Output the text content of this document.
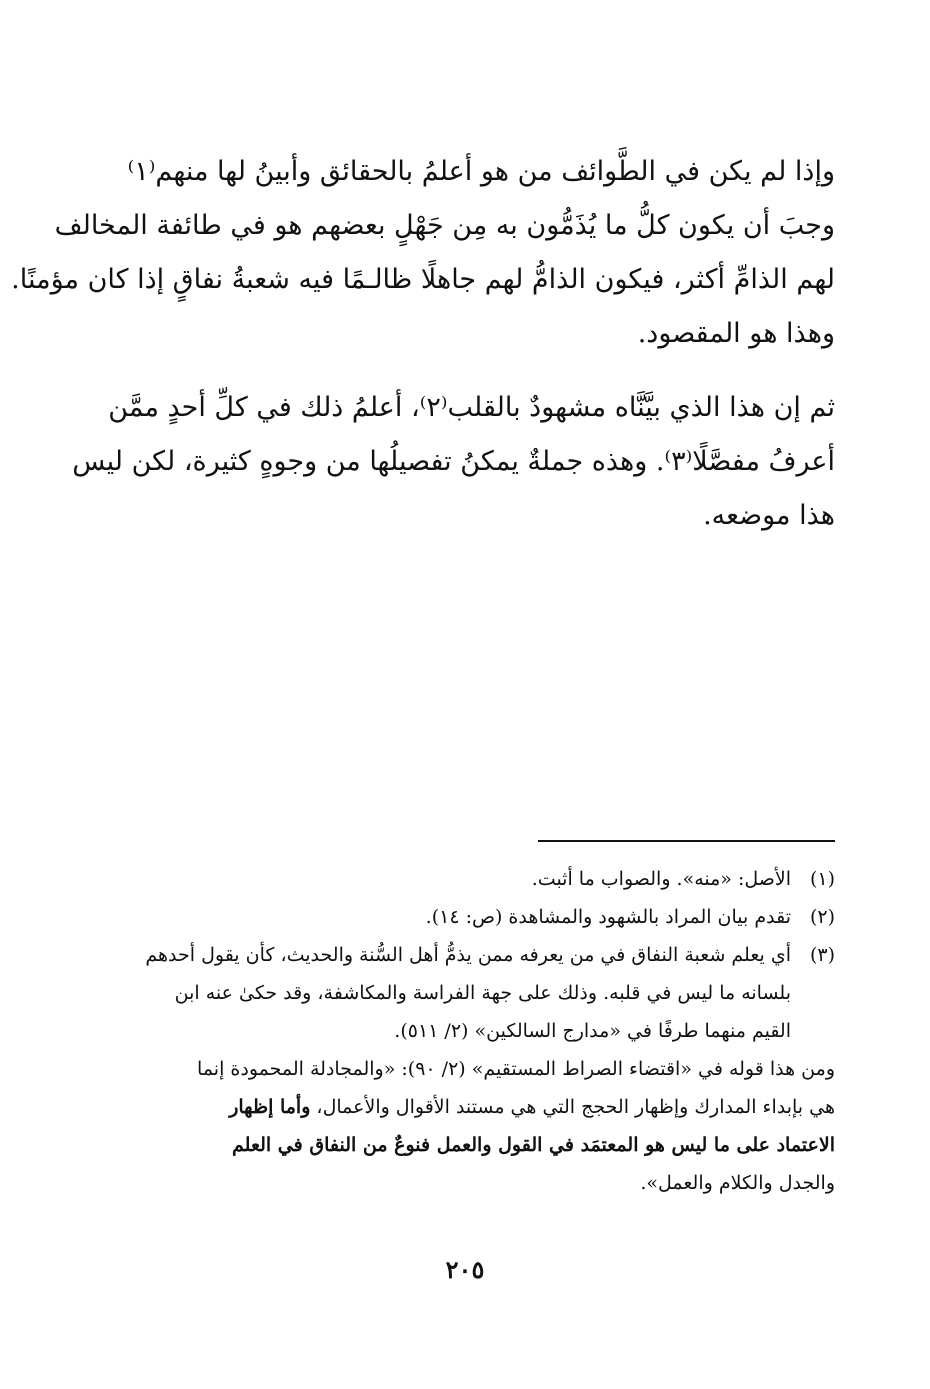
وإذا لم يكن في الطَّوائف من هو أعلمُ بالحقائق وأبينُ لها منهم⁽١⁾
وجبَ أن يكون كلُّ ما يُذَمُّون به مِن جَهْلٍ بعضهم هو في طائفة المخالف
لهم الذامِّ أكثر، فيكون الذامُّ لهم جاهلًا ظالـمًا فيه شعبةُ نفاقٍ إذا كان مؤمنًا.
وهذا هو المقصود.
ثم إن هذا الذي بيَّنَّاه مشهودٌ بالقلب⁽٢⁾، أعلمُ ذلك في كلِّ أحدٍ ممَّن
أعرفُ مفصَّلًا⁽٣⁾. وهذه جملةٌ يمكنُ تفصيلُها من وجوهٍ كثيرة، لكن ليس
هذا موضعه.
(١)
الأصل: «منه». والصواب ما أثبت.
(٢)
تقدم بيان المراد بالشهود والمشاهدة (ص: ١٤).
(٣)
أي يعلم شعبة النفاق في من يعرفه ممن يذمُّ أهل السُّنة والحديث، كأن يقول أحدهم
بلسانه ما ليس في قلبه. وذلك على جهة الفراسة والمكاشفة، وقد حكىٰ عنه ابن
القيم منهما طرفًا في «مدارج السالكين» (٢/ ٥١١).
ومن هذا قوله في «اقتضاء الصراط المستقيم» (٢/ ٩٠): «والمجادلة المحمودة إنما
هي بإبداء المدارك وإظهار الحجج التي هي مستند الأقوال والأعمال، وأما إظهار
الاعتماد على ما ليس هو المعتمَد في القول والعمل فنوعٌ من النفاق في العلم
والجدل والكلام والعمل».
٢٠٥
